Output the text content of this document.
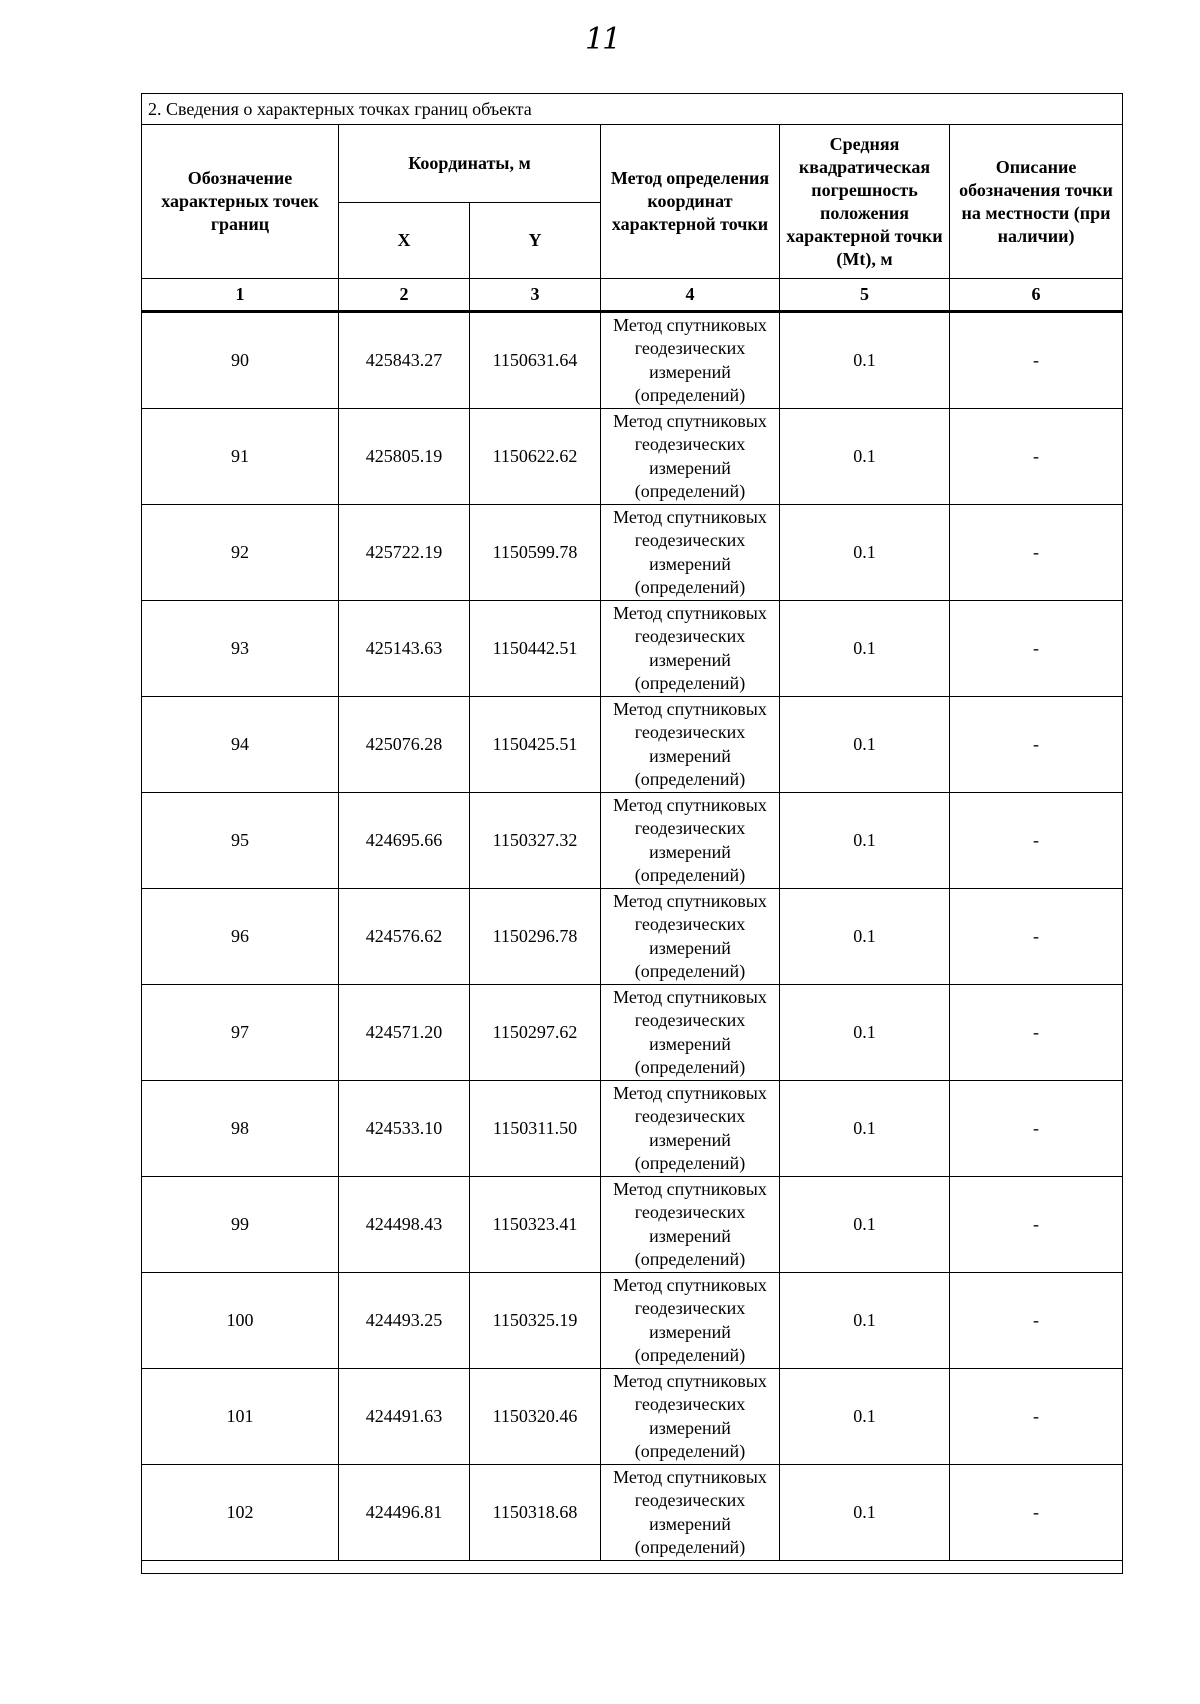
11
2. Сведения о характерных точках границ объекта					
Обозначение характерных точек границ	Координаты, м		Метод определения координат характерной точки	Средняя квадратическая погрешность положения характерной точки (Mt), м	Описание обозначения точки на местности (при наличии)
	X	Y			
1	2	3	4	5	6
90	425843.27	1150631.64	Метод спутниковых геодезических измерений (определений)	0.1	-
91	425805.19	1150622.62	Метод спутниковых геодезических измерений (определений)	0.1	-
92	425722.19	1150599.78	Метод спутниковых геодезических измерений (определений)	0.1	-
93	425143.63	1150442.51	Метод спутниковых геодезических измерений (определений)	0.1	-
94	425076.28	1150425.51	Метод спутниковых геодезических измерений (определений)	0.1	-
95	424695.66	1150327.32	Метод спутниковых геодезических измерений (определений)	0.1	-
96	424576.62	1150296.78	Метод спутниковых геодезических измерений (определений)	0.1	-
97	424571.20	1150297.62	Метод спутниковых геодезических измерений (определений)	0.1	-
98	424533.10	1150311.50	Метод спутниковых геодезических измерений (определений)	0.1	-
99	424498.43	1150323.41	Метод спутниковых геодезических измерений (определений)	0.1	-
100	424493.25	1150325.19	Метод спутниковых геодезических измерений (определений)	0.1	-
101	424491.63	1150320.46	Метод спутниковых геодезических измерений (определений)	0.1	-
102	424496.81	1150318.68	Метод спутниковых геодезических измерений (определений)	0.1	-
